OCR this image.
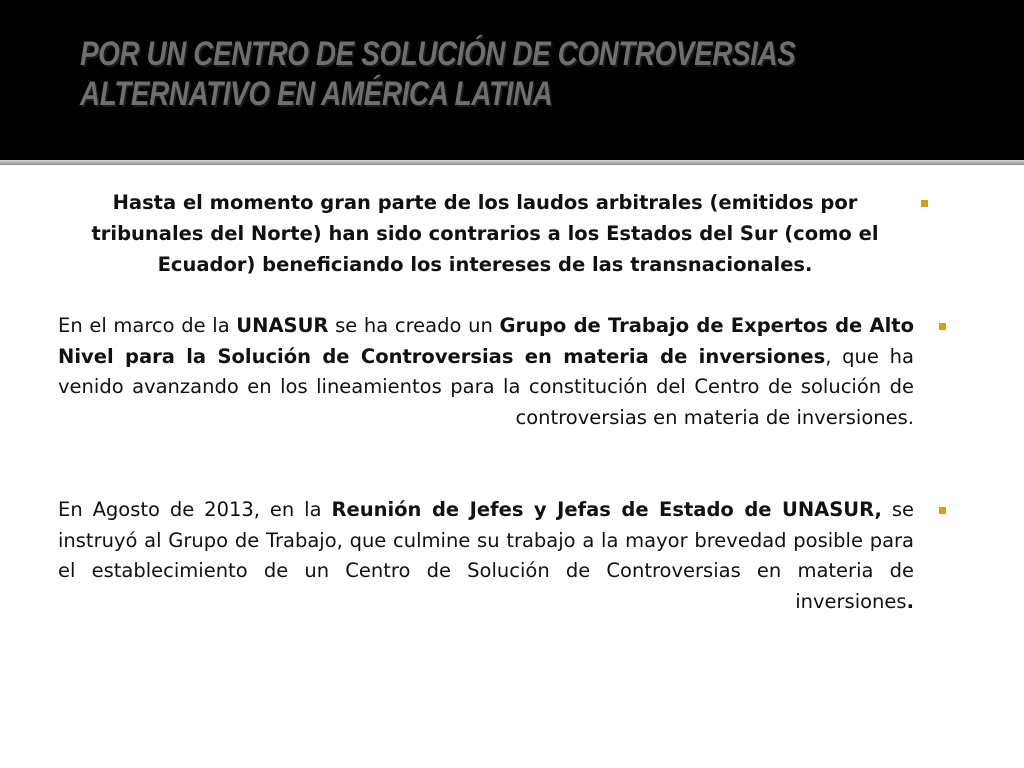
POR UN CENTRO DE SOLUCIÓN DE CONTROVERSIAS
ALTERNATIVO EN AMÉRICA LATINA
Hasta el momento gran parte de los laudos arbitrales (emitidos por tribunales del Norte) han sido contrarios a los Estados del Sur (como el Ecuador) beneficiando los intereses de las transnacionales.
En el marco de la UNASUR se ha creado un Grupo de Trabajo de Expertos de Alto Nivel para la Solución de Controversias en materia de inversiones, que ha venido avanzando en los lineamientos para la constitución del Centro de solución de controversias en materia de inversiones.
En Agosto de 2013, en la Reunión de Jefes y Jefas de Estado de UNASUR, se instruyó al Grupo de Trabajo, que culmine su trabajo a la mayor brevedad posible para el establecimiento de un Centro de Solución de Controversias en materia de inversiones.
